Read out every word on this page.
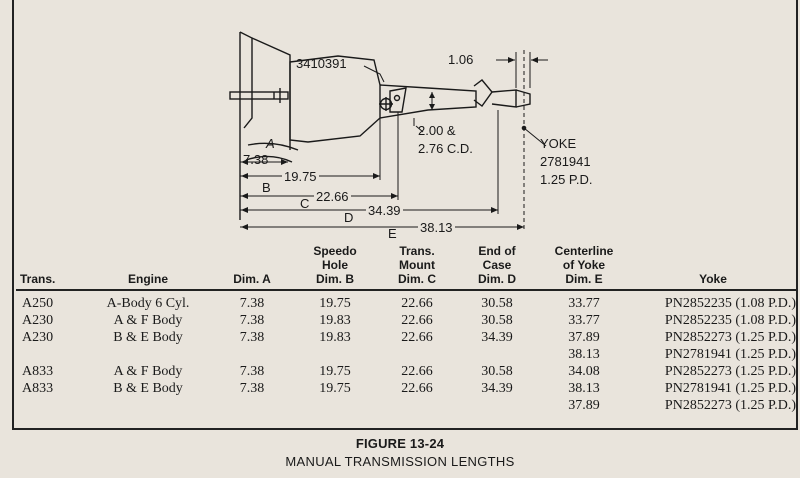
3410391	1.06
2.00 &
2.76 C.D.	YOKE
2781941
1.25 P.D.
A
7.38
B
19.75
C 22.66
D 34.39
E 38.13
Trans.	Engine	Dim. A	Speedo
Hole
Dim. B	Trans.
Mount
Dim. C	End of
Case
Dim. D	Centerline
of Yoke
Dim. E	Yoke
A250	A-Body 6 Cyl.	7.38	19.75	22.66	30.58	33.77	PN2852235 (1.08 P.D.)
A230	A & F Body	7.38	19.83	22.66	30.58	33.77	PN2852235 (1.08 P.D.)
A230	B & E Body	7.38	19.83	22.66	34.39	37.89	PN2852273 (1.25 P.D.)
						38.13	PN2781941 (1.25 P.D.)
A833	A & F Body	7.38	19.75	22.66	30.58	34.08	PN2852273 (1.25 P.D.)
A833	B & E Body	7.38	19.75	22.66	34.39	38.13	PN2781941 (1.25 P.D.)
						37.89	PN2852273 (1.25 P.D.)
FIGURE 13-24
MANUAL TRANSMISSION LENGTHS
